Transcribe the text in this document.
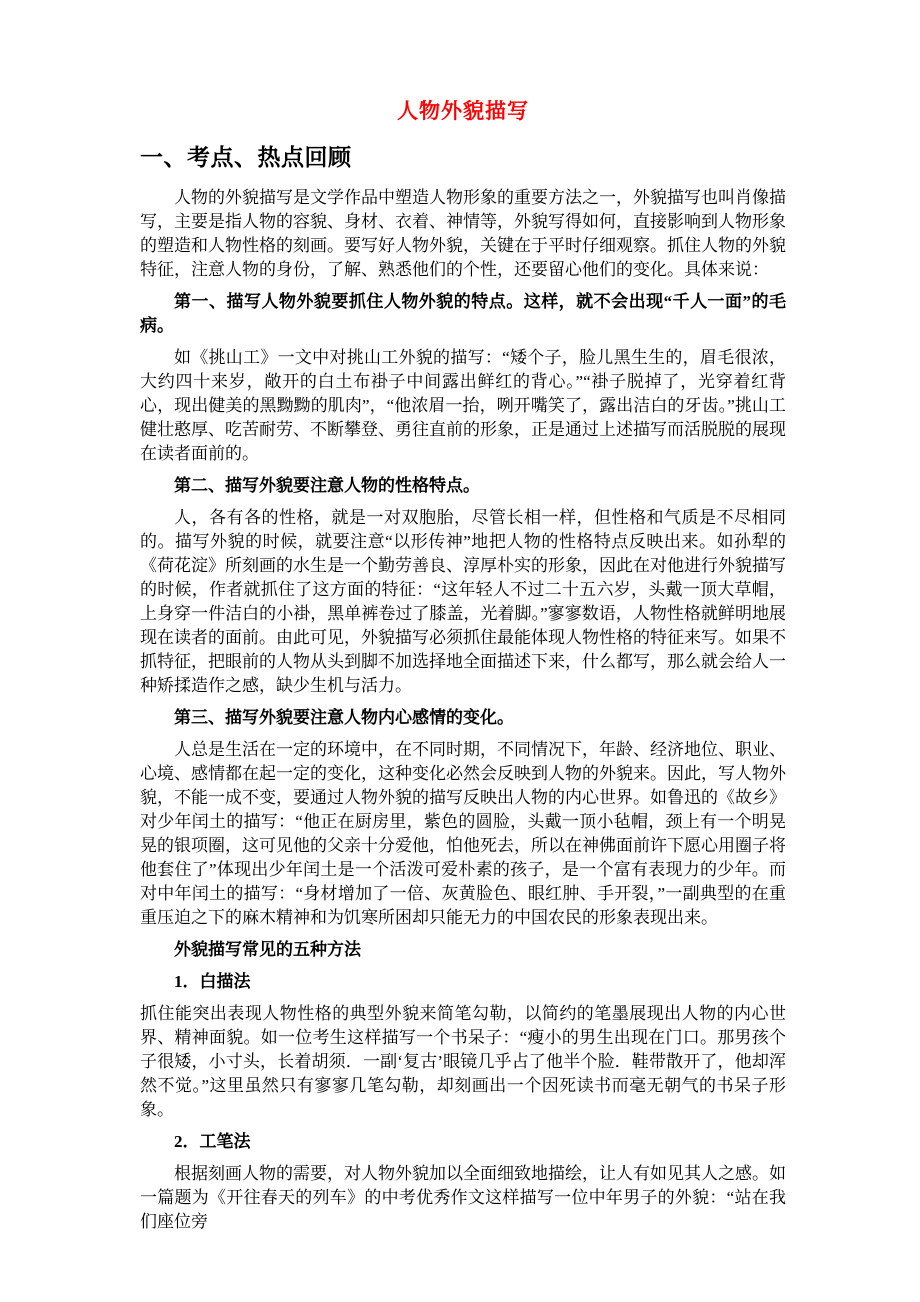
人物外貌描写
一、考点、热点回顾

人物的外貌描写是文学作品中塑造人物形象的重要方法之一，外貌描写也叫肖像描写，主要是指人物的容貌、身材、衣着、神情等，外貌写得如何，直接影响到人物形象的塑造和人物性格的刻画。要写好人物外貌，关键在于平时仔细观察。抓住人物的外貌特征，注意人物的身份，了解、熟悉他们的个性，还要留心他们的变化。具体来说：

第一、描写人物外貌要抓住人物外貌的特点。这样，就不会出现“千人一面”的毛病。

如《挑山工》一文中对挑山工外貌的描写：“矮个子，脸儿黑生生的，眉毛很浓，大约四十来岁，敞开的白土布褂子中间露出鲜红的背心。”“褂子脱掉了，光穿着红背心，现出健美的黑黝黝的肌肉”，“他浓眉一抬，咧开嘴笑了，露出洁白的牙齿。”挑山工健壮憨厚、吃苦耐劳、不断攀登、勇往直前的形象，正是通过上述描写而活脱脱的展现在读者面前的。

第二、描写外貌要注意人物的性格特点。

人，各有各的性格，就是一对双胞胎，尽管长相一样，但性格和气质是不尽相同的。描写外貌的时候，就要注意“以形传神”地把人物的性格特点反映出来。如孙犁的《荷花淀》所刻画的水生是一个勤劳善良、淳厚朴实的形象，因此在对他进行外貌描写的时候，作者就抓住了这方面的特征：“这年轻人不过二十五六岁，头戴一顶大草帽，上身穿一件洁白的小褂，黑单裤卷过了膝盖，光着脚。”寥寥数语，人物性格就鲜明地展现在读者的面前。由此可见，外貌描写必须抓住最能体现人物性格的特征来写。如果不抓特征，把眼前的人物从头到脚不加选择地全面描述下来，什么都写，那么就会给人一种矫揉造作之感，缺少生机与活力。

第三、描写外貌要注意人物内心感情的变化。

人总是生活在一定的环境中，在不同时期，不同情况下，年龄、经济地位、职业、心境、感情都在起一定的变化，这种变化必然会反映到人物的外貌来。因此，写人物外貌，不能一成不变，要通过人物外貌的描写反映出人物的内心世界。如鲁迅的《故乡》对少年闰土的描写：“他正在厨房里，紫色的圆脸，头戴一顶小毡帽，颈上有一个明晃晃的银项圈，这可见他的父亲十分爱他，怕他死去，所以在神佛面前许下愿心用圈子将他套住了”体现出少年闰土是一个活泼可爱朴素的孩子，是一个富有表现力的少年。而对中年闰土的描写：“身材增加了一倍、灰黄脸色、眼红肿、手开裂，”一副典型的在重重压迫之下的麻木精神和为饥寒所困却只能无力的中国农民的形象表现出来。

外貌描写常见的五种方法

1．白描法

抓住能突出表现人物性格的典型外貌来简笔勾勒，以简约的笔墨展现出人物的内心世界、精神面貌。如一位考生这样描写一个书呆子：“瘦小的男生出现在门口。那男孩个子很矮，小寸头，长着胡须．一副‘复古’眼镜几乎占了他半个脸．鞋带散开了，他却浑然不觉。”这里虽然只有寥寥几笔勾勒，却刻画出一个因死读书而毫无朝气的书呆子形象。

2．工笔法

根据刻画人物的需要，对人物外貌加以全面细致地描绘，让人有如见其人之感。如一篇题为《开往春天的列车》的中考优秀作文这样描写一位中年男子的外貌：“站在我们座位旁
